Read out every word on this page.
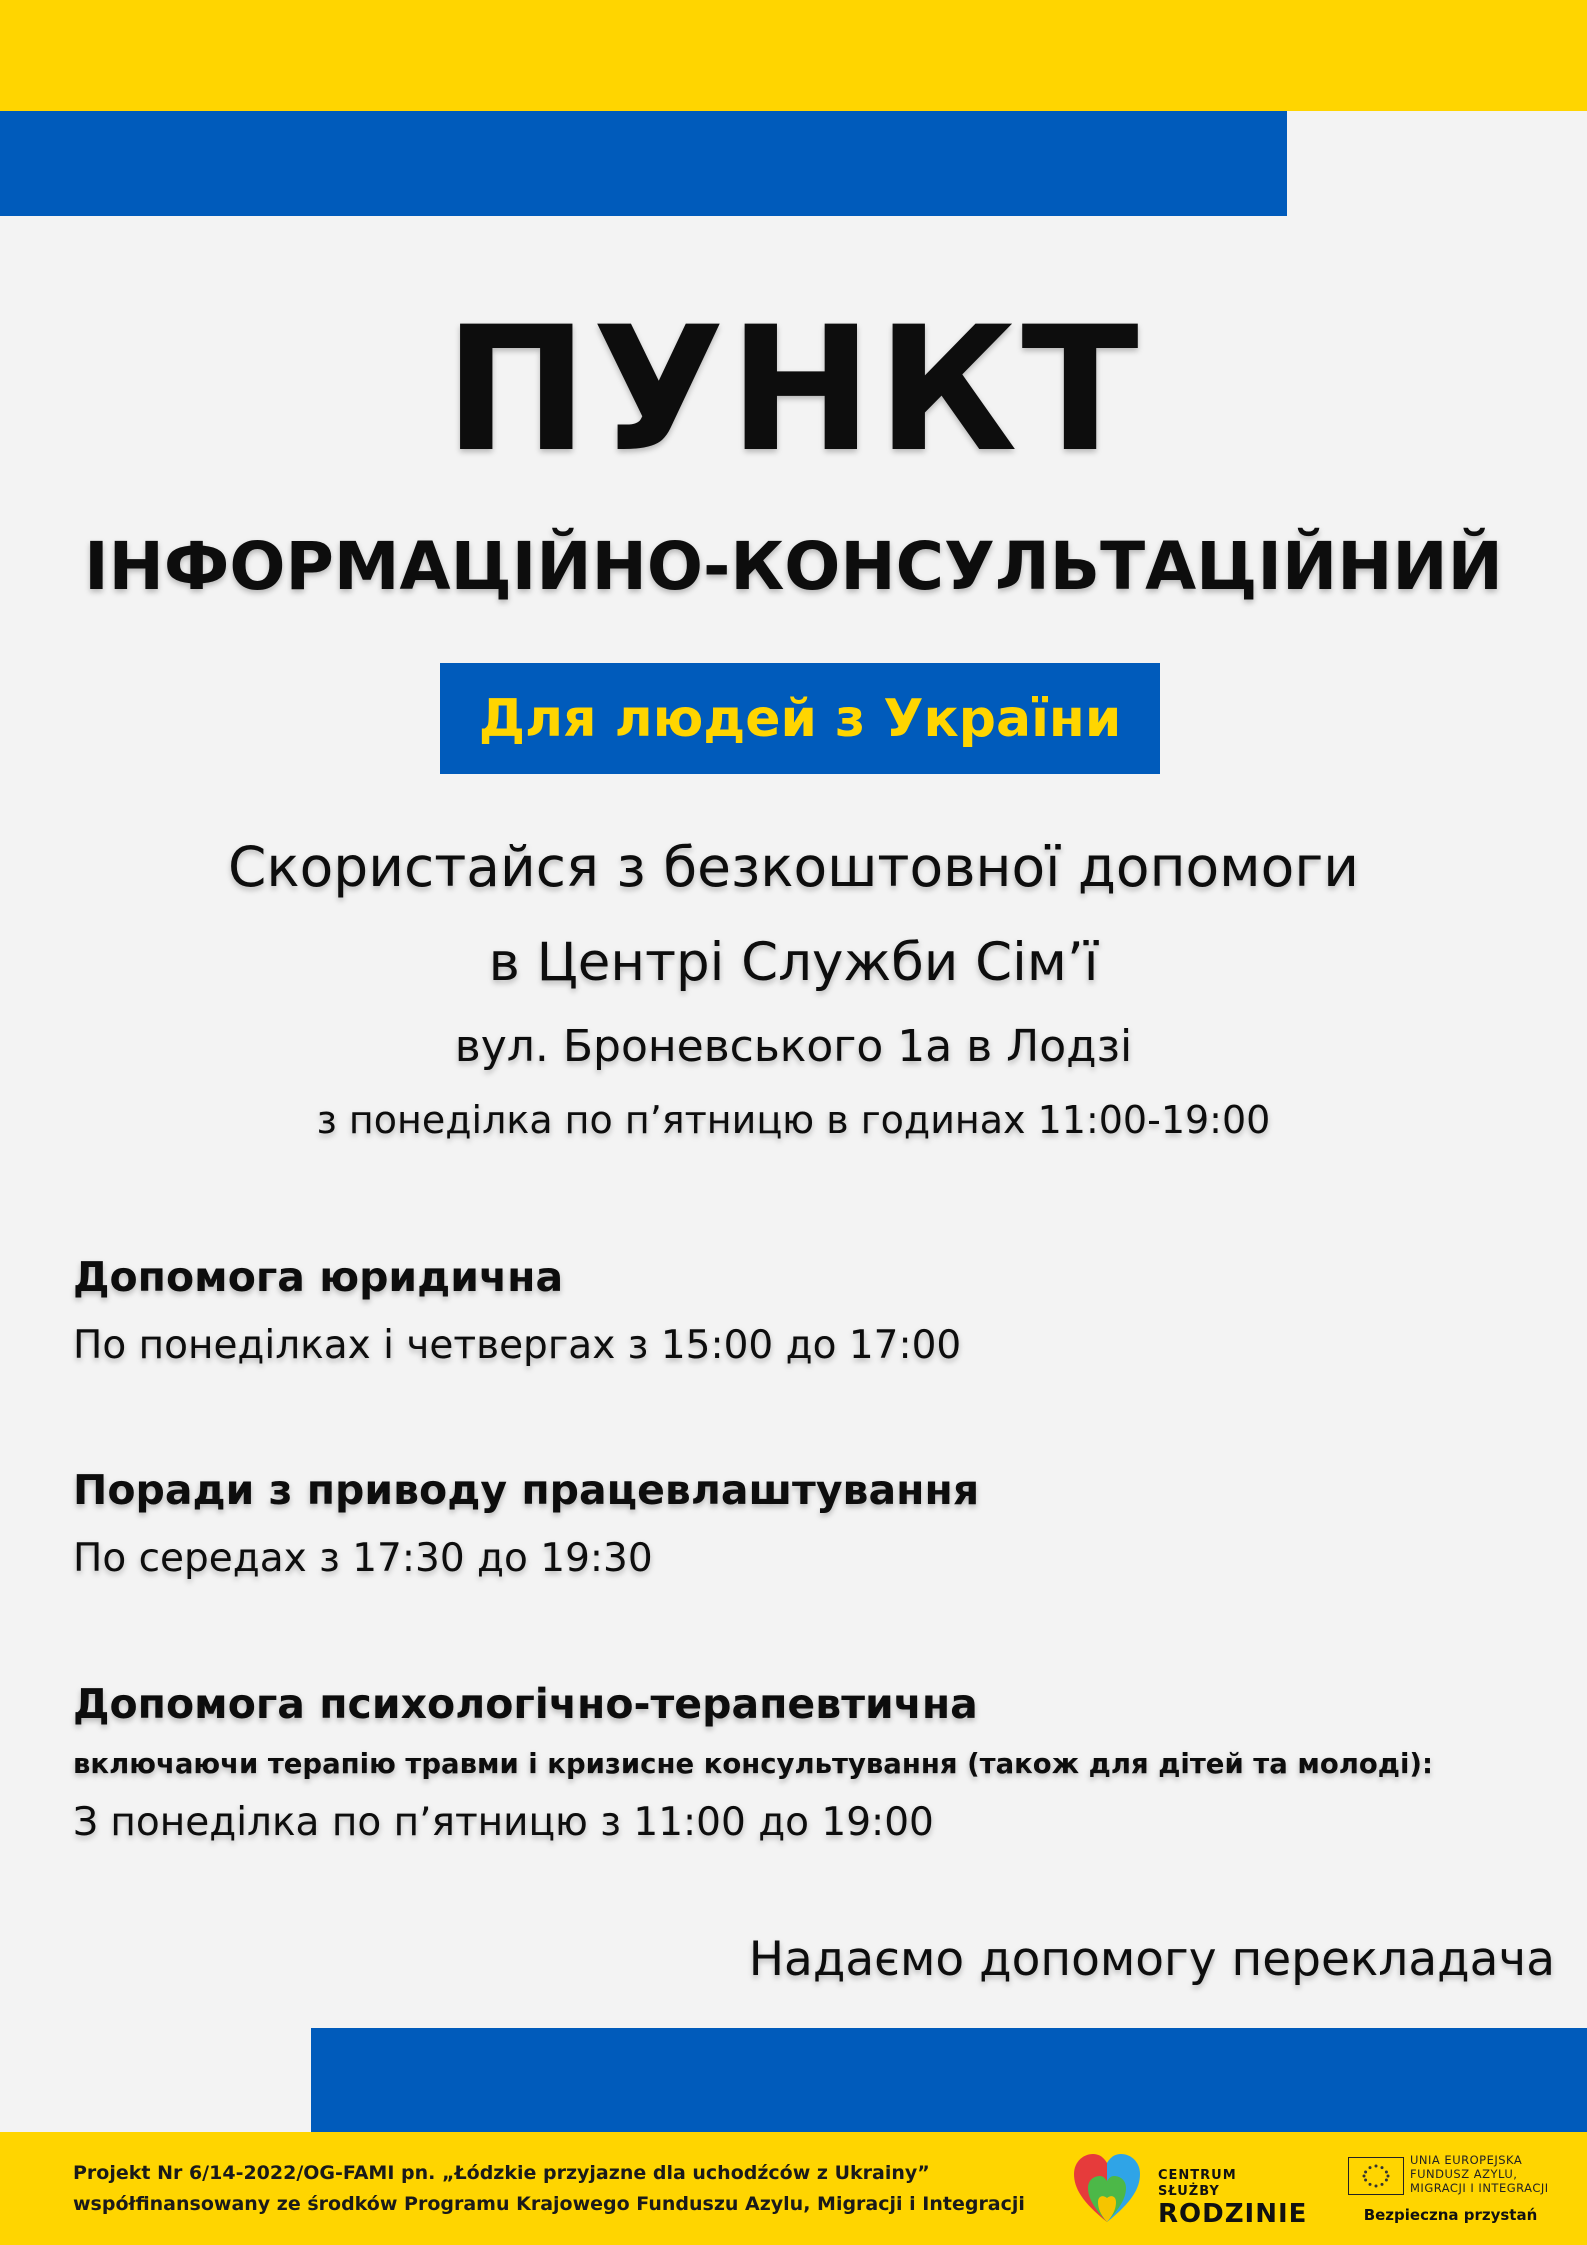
ПУНКТ
ІНФОРМАЦІЙНО-КОНСУЛЬТАЦІЙНИЙ
Для людей з України
Скористайся з безкоштовної допомоги
в Центрі Служби Сім’ї
вул. Броневського 1а в Лодзі
з понеділка по п’ятницю в годинах 11:00-19:00
Допомога юридична
По понеділках і четвергах з 15:00 до 17:00
Поради з приводу працевлаштування
По середах з 17:30 до 19:30
Допомога психологічно-терапевтична
включаючи терапію травми і кризисне консультування (також для дітей та молоді):
З понеділка по п’ятницю з 11:00 до 19:00
Надаємо допомогу перекладача
Projekt Nr 6/14-2022/OG-FAMI pn. „Łódzkie przyjazne dla uchodźców z Ukrainy”
współfinansowany ze środków Programu Krajowego Funduszu Azylu, Migracji i Integracji
CENTRUM SŁUŻBY
RODZINIE
UNIA EUROPEJSKA
FUNDUSZ AZYLU,
MIGRACJI I INTEGRACJI
Bezpieczna przystań
